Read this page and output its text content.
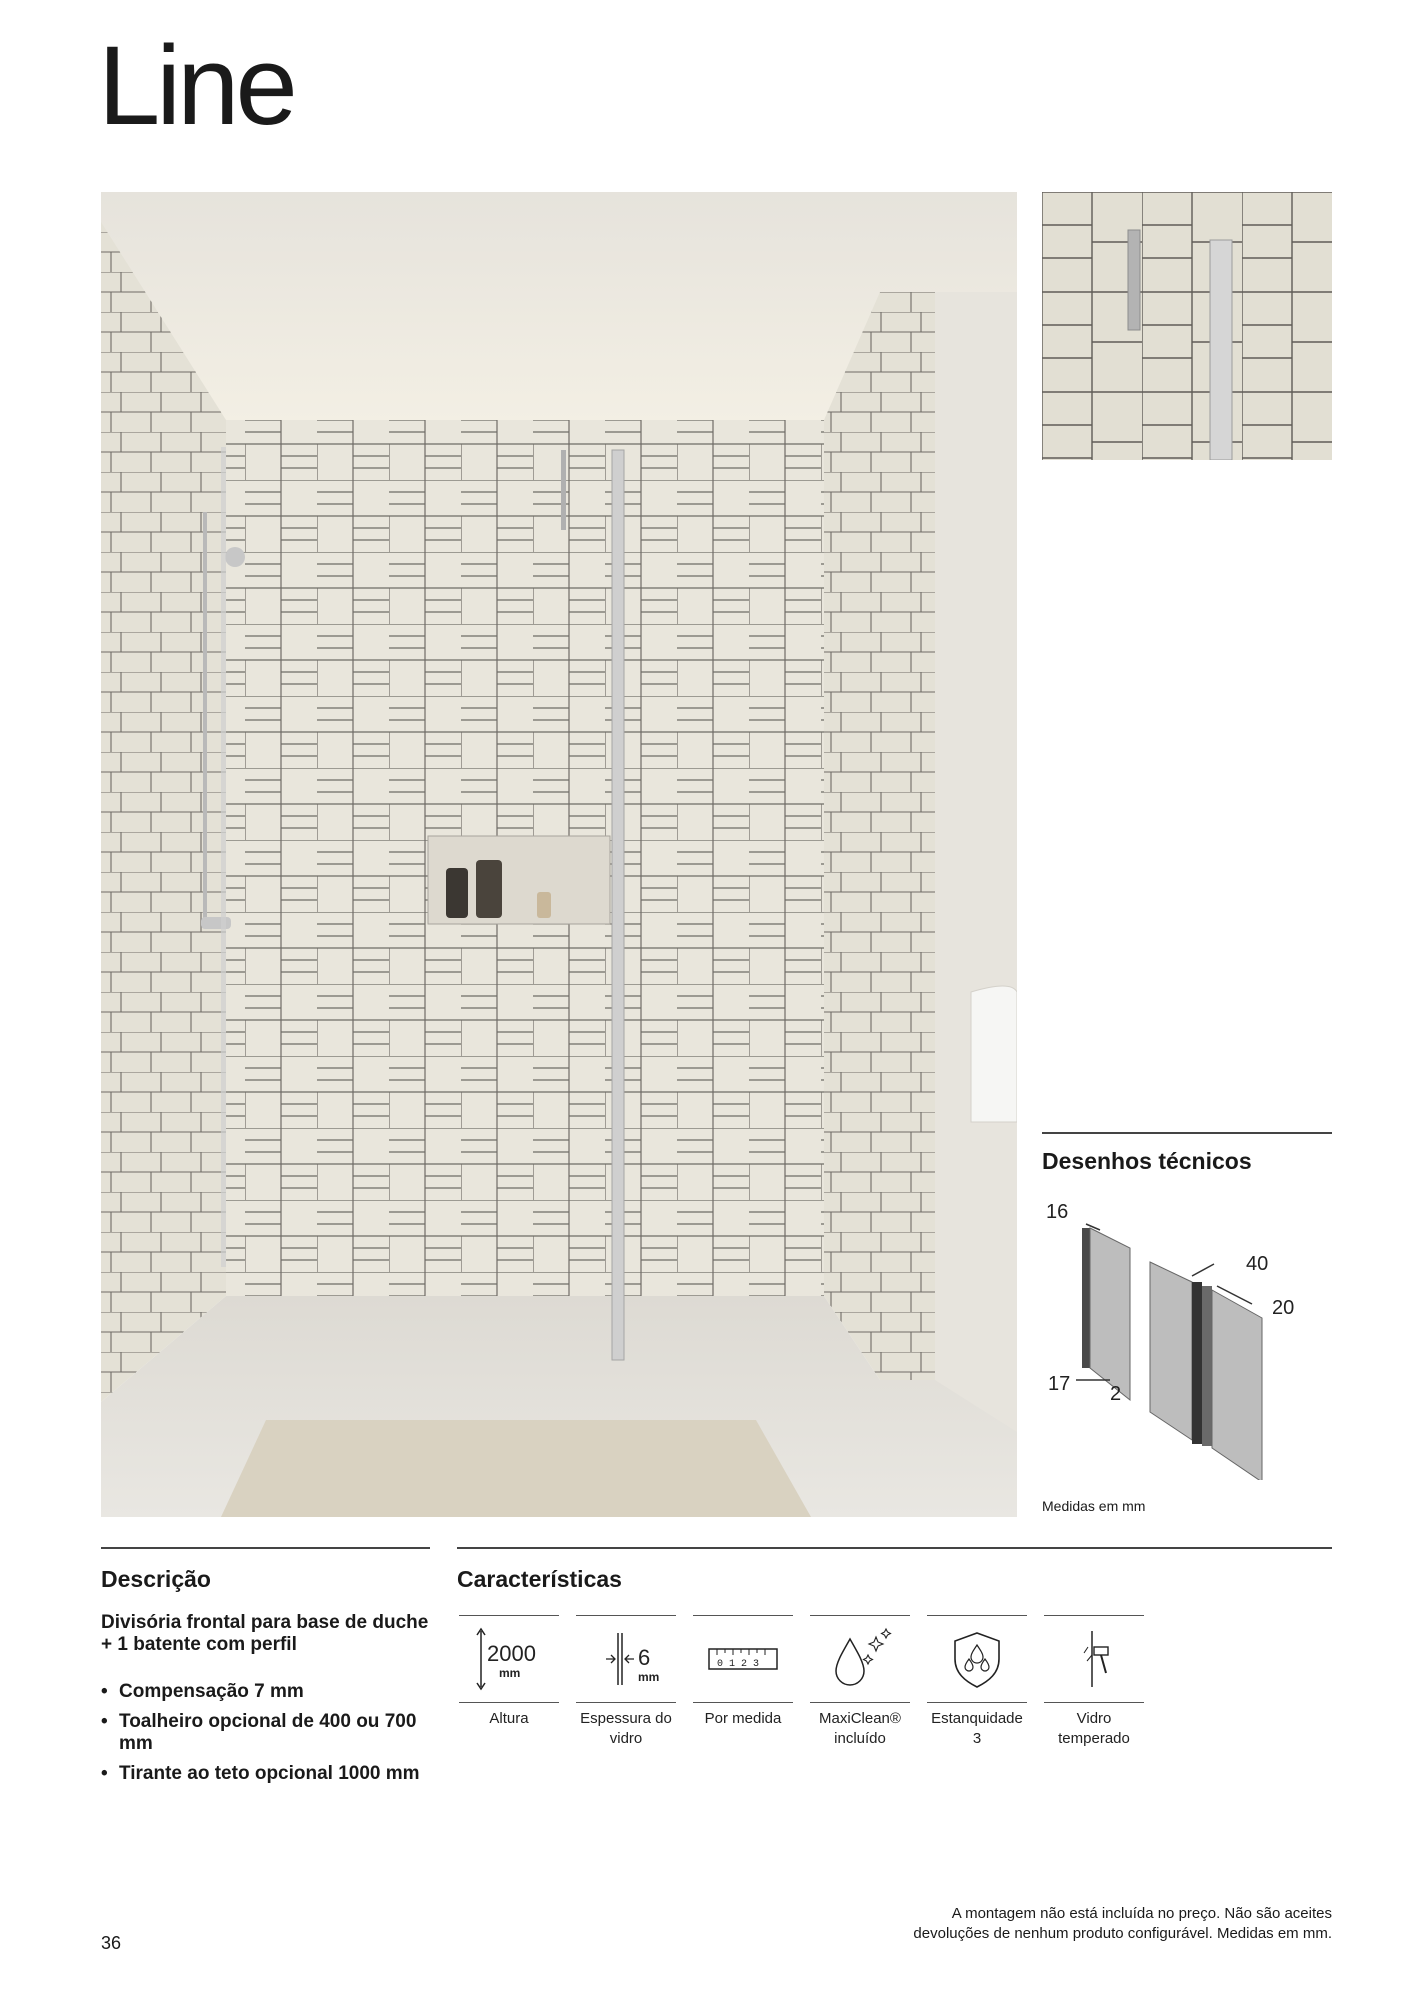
Line
Desenhos técnicos
16
40
20
17 2
Medidas em mm
Descrição
Divisória frontal para base de duche + 1 batente com perfil
• Compensação 7 mm
• Toalheiro opcional de 400 ou 700 mm
• Tirante ao teto opcional 1000 mm
Características
2000
mm
Altura
6
mm
Espessura do vidro
0 1 2 3
Por medida	MaxiClean® incluído
Estanquidade 3
Vidro temperado
A montagem não está incluída no preço. Não são aceites
devoluções de nenhum produto configurável. Medidas em mm.
36
